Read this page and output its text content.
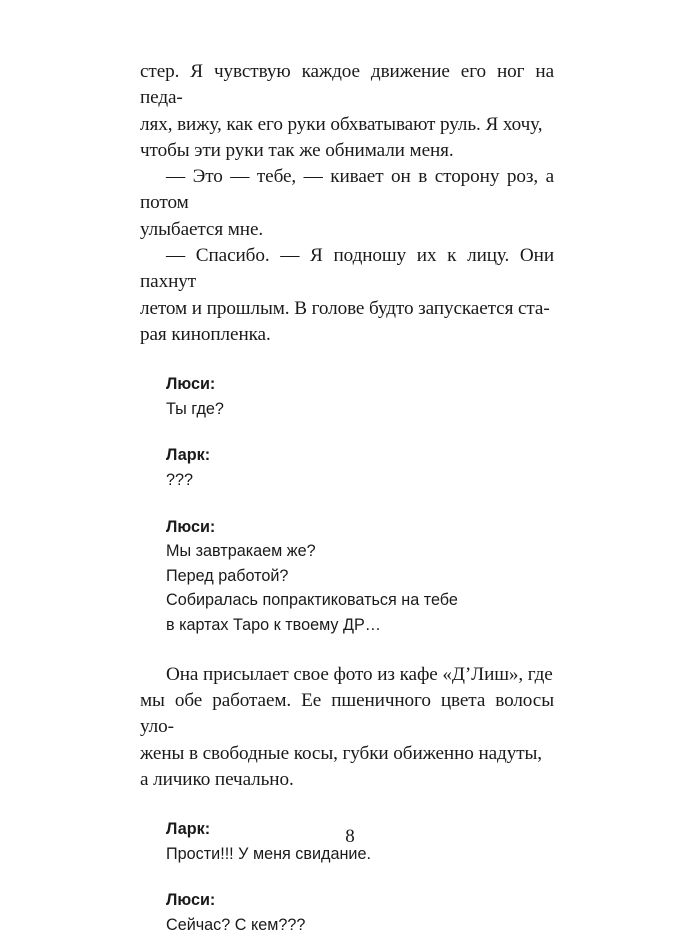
стер. Я чувствую каждое движение его ног на педа-

лях, вижу, как его руки обхватывают руль. Я хочу,

чтобы эти руки так же обнимали меня.

— Это — тебе, — кивает он в сторону роз, а потом

улыбается мне.

— Спасибо. — Я подношу их к лицу. Они пахнут

летом и прошлым. В голове будто запускается ста-

рая кинопленка.

Люси:

Ты где?

Ларк:

???

Люси:

Мы завтракаем же?

Перед работой?

Собиралась попрактиковаться на тебе

в картах Таро к твоему ДР…

Она присылает свое фото из кафе «Д’Лиш», где

мы обе работаем. Ее пшеничного цвета волосы уло-

жены в свободные косы, губки обиженно надуты,

а личико печально.

Ларк:

Прости!!! У меня свидание.

Люси:

Сейчас? С кем???

8
